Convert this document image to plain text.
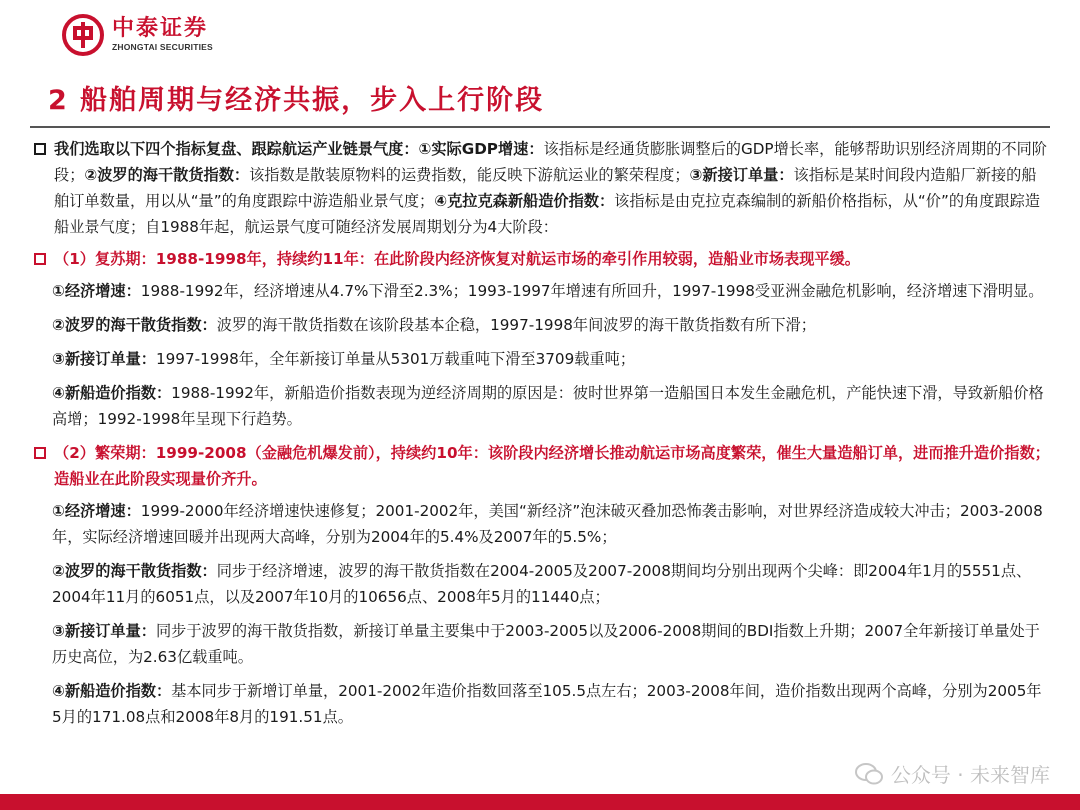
中泰证券
ZHONGTAI SECURITIES
2 船舶周期与经济共振，步入上行阶段
我们选取以下四个指标复盘、跟踪航运产业链景气度：①实际GDP增速：该指标是经通货膨胀调整后的GDP增长率，能够帮助识别经济周期的不同阶段；②波罗的海干散货指数：该指数是散装原物料的运费指数，能反映下游航运业的繁荣程度；③新接订单量：该指标是某时间段内造船厂新接的船舶订单数量，用以从“量”的角度跟踪中游造船业景气度；④克拉克森新船造价指数：该指标是由克拉克森编制的新船价格指标，从“价”的角度跟踪造船业景气度；自1988年起，航运景气度可随经济发展周期划分为4大阶段：
（1）复苏期：1988-1998年，持续约11年：在此阶段内经济恢复对航运市场的牵引作用较弱，造船业市场表现平缓。
①经济增速：1988-1992年，经济增速从4.7%下滑至2.3%；1993-1997年增速有所回升，1997-1998受亚洲金融危机影响，经济增速下滑明显。
②波罗的海干散货指数：波罗的海干散货指数在该阶段基本企稳，1997-1998年间波罗的海干散货指数有所下滑；
③新接订单量：1997-1998年，全年新接订单量从5301万载重吨下滑至3709载重吨；
④新船造价指数：1988-1992年，新船造价指数表现为逆经济周期的原因是：彼时世界第一造船国日本发生金融危机，产能快速下滑，导致新船价格高增；1992-1998年呈现下行趋势。
（2）繁荣期：1999-2008（金融危机爆发前），持续约10年：该阶段内经济增长推动航运市场高度繁荣，催生大量造船订单，进而推升造价指数；造船业在此阶段实现量价齐升。
①经济增速：1999-2000年经济增速快速修复；2001-2002年，美国“新经济”泡沫破灭叠加恐怖袭击影响，对世界经济造成较大冲击；2003-2008年，实际经济增速回暖并出现两大高峰，分别为2004年的5.4%及2007年的5.5%；
②波罗的海干散货指数：同步于经济增速，波罗的海干散货指数在2004-2005及2007-2008期间均分别出现两个尖峰：即2004年1月的5551点、2004年11月的6051点，以及2007年10月的10656点、2008年5月的11440点；
③新接订单量：同步于波罗的海干散货指数，新接订单量主要集中于2003-2005以及2006-2008期间的BDI指数上升期；2007全年新接订单量处于历史高位，为2.63亿载重吨。
④新船造价指数：基本同步于新增订单量，2001-2002年造价指数回落至105.5点左右；2003-2008年间，造价指数出现两个高峰，分别为2005年5月的171.08点和2008年8月的191.51点。
公众号 · 未来智库
